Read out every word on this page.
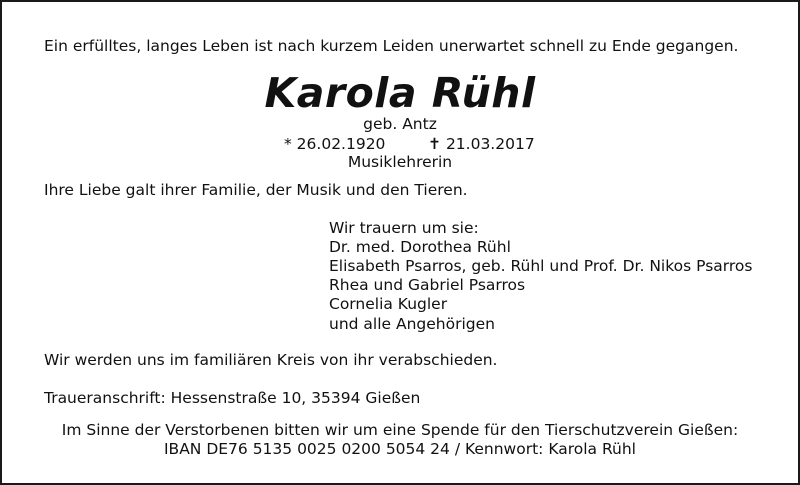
Ein erfülltes, langes Leben ist nach kurzem Leiden unerwartet schnell zu Ende gegangen.
Karola Rühl
geb. Antz
* 26.02.1920	✝ 21.03.2017
Musiklehrerin
Ihre Liebe galt ihrer Familie, der Musik und den Tieren.
Wir trauern um sie:
Dr. med. Dorothea Rühl
Elisabeth Psarros, geb. Rühl und Prof. Dr. Nikos Psarros
Rhea und Gabriel Psarros
Cornelia Kugler
und alle Angehörigen
Wir werden uns im familiären Kreis von ihr verabschieden.
Traueranschrift: Hessenstraße 10, 35394 Gießen
Im Sinne der Verstorbenen bitten wir um eine Spende für den Tierschutzverein Gießen:
IBAN DE76 5135 0025 0200 5054 24 / Kennwort: Karola Rühl
